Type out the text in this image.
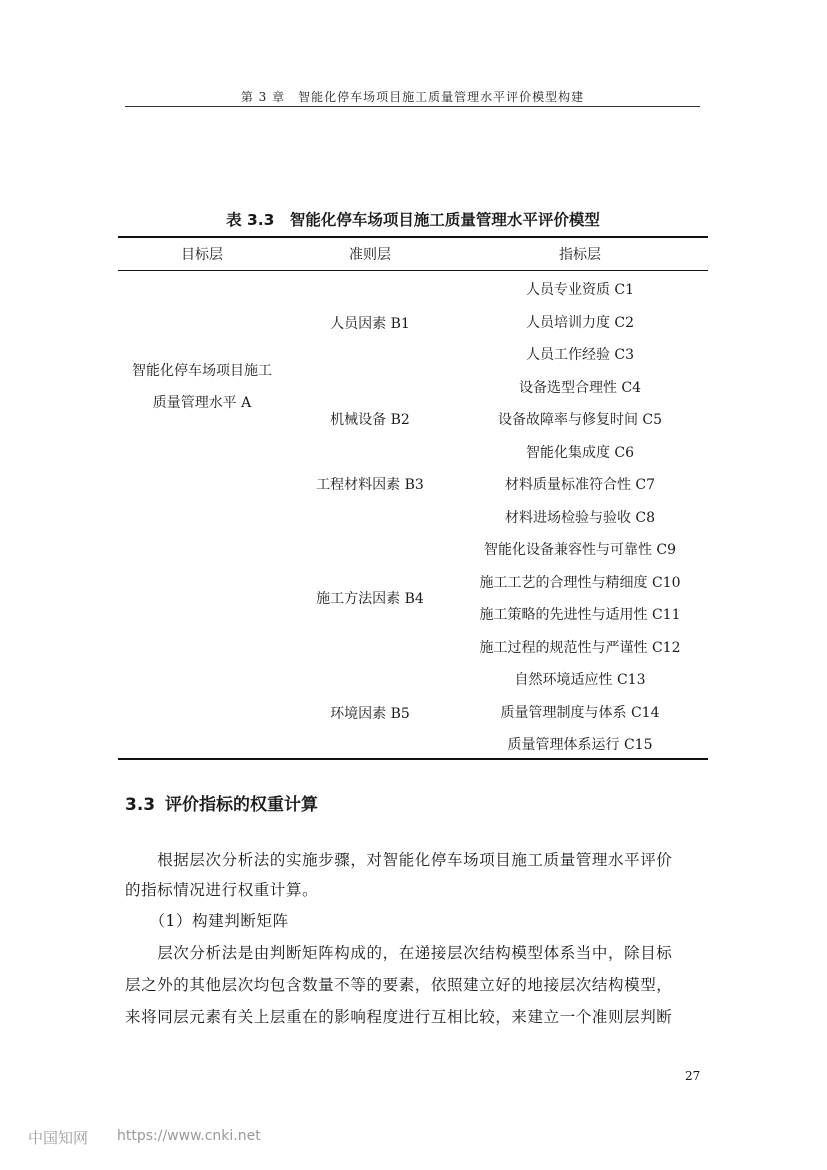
第 3 章　智能化停车场项目施工质量管理水平评价模型构建
表 3.3　智能化停车场项目施工质量管理水平评价模型
目标层	准则层	指标层
智能化停车场项目施工
质量管理水平 A
人员因素 B1
机械设备 B2
工程材料因素 B3
施工方法因素 B4
环境因素 B5
人员专业资质 C1
人员培训力度 C2
人员工作经验 C3
设备选型合理性 C4
设备故障率与修复时间 C5
智能化集成度 C6
材料质量标准符合性 C7
材料进场检验与验收 C8
智能化设备兼容性与可靠性 C9
施工工艺的合理性与精细度 C10
施工策略的先进性与适用性 C11
施工过程的规范性与严谨性 C12
自然环境适应性 C13
质量管理制度与体系 C14
质量管理体系运行 C15
3.3 评价指标的权重计算
　　根据层次分析法的实施步骤，对智能化停车场项目施工质量管理水平评价
的指标情况进行权重计算。
　　（1）构建判断矩阵
　　层次分析法是由判断矩阵构成的，在递接层次结构模型体系当中，除目标
层之外的其他层次均包含数量不等的要素，依照建立好的地接层次结构模型，
来将同层元素有关上层重在的影响程度进行互相比较，来建立一个准则层判断
27
中国知网 https://www.cnki.net
